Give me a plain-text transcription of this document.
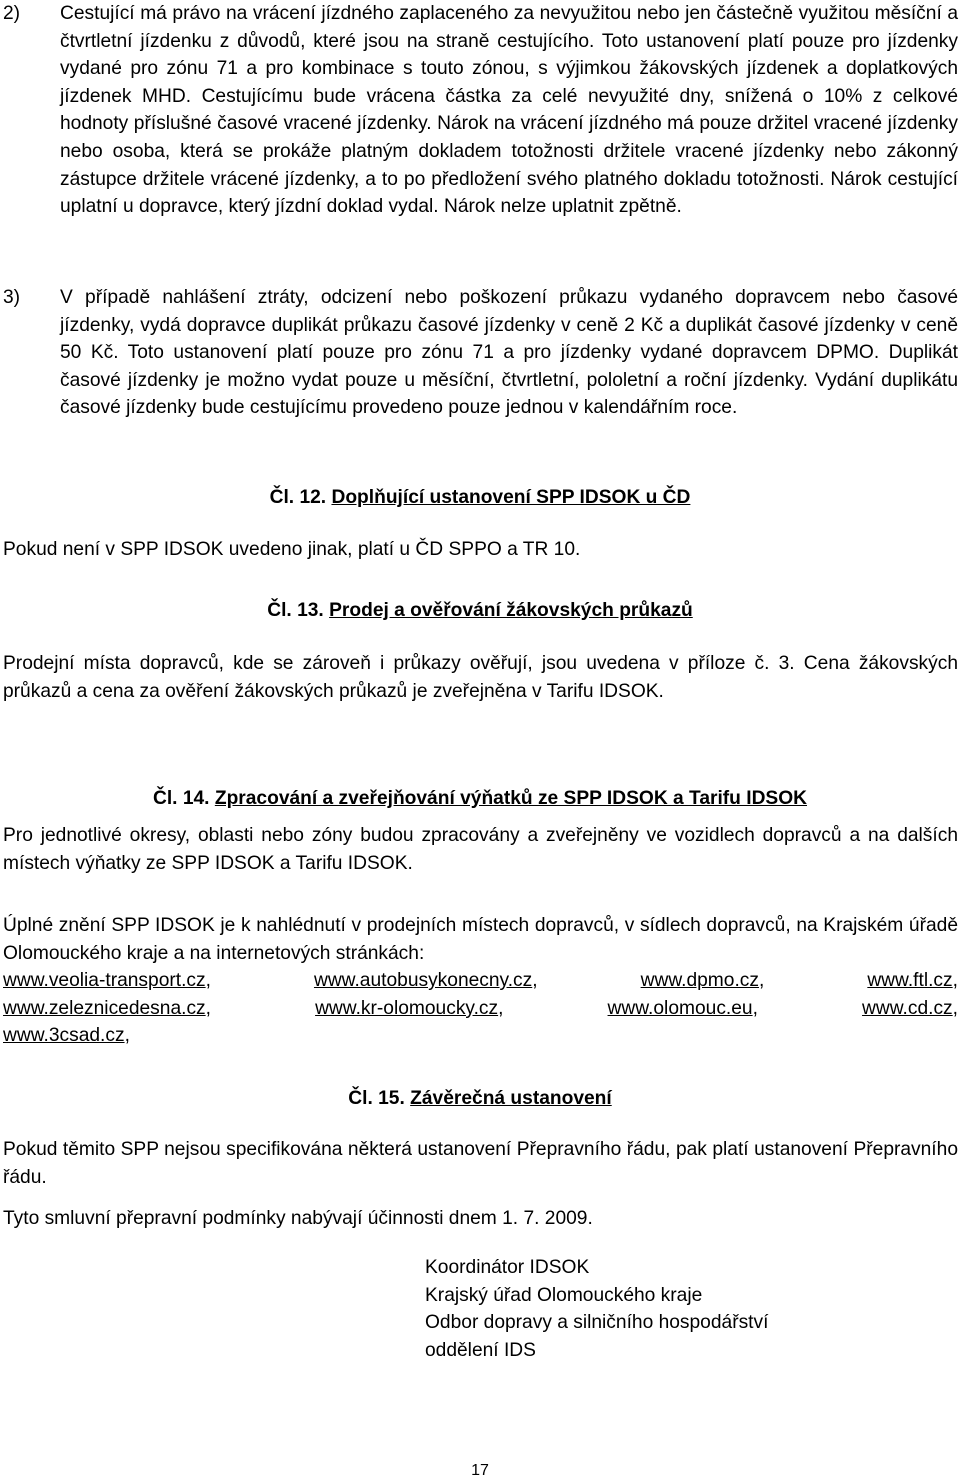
2) Cestující má právo na vrácení jízdného zaplaceného za nevyužitou nebo jen částečně využitou měsíční a čtvrtletní jízdenku z důvodů, které jsou na straně cestujícího. Toto ustanovení platí pouze pro jízdenky vydané pro zónu 71 a pro kombinace s touto zónou, s výjimkou žákovských jízdenek a doplatkových jízdenek MHD. Cestujícímu bude vrácena částka za celé nevyužité dny, snížená o 10% z celkové hodnoty příslušné časové vracené jízdenky. Nárok na vrácení jízdného má pouze držitel vracené jízdenky nebo osoba, která se prokáže platným dokladem totožnosti držitele vracené jízdenky nebo zákonný zástupce držitele vrácené jízdenky, a to po předložení svého platného dokladu totožnosti. Nárok cestující uplatní u dopravce, který jízdní doklad vydal. Nárok nelze uplatnit zpětně.
3) V případě nahlášení ztráty, odcizení nebo poškození průkazu vydaného dopravcem nebo časové jízdenky, vydá dopravce duplikát průkazu časové jízdenky v ceně 2 Kč a duplikát časové jízdenky v ceně 50 Kč. Toto ustanovení platí pouze pro zónu 71 a pro jízdenky vydané dopravcem DPMO. Duplikát časové jízdenky je možno vydat pouze u měsíční, čtvrtletní, pololetní a roční jízdenky. Vydání duplikátu časové jízdenky bude cestujícímu provedeno pouze jednou v kalendářním roce.
Čl. 12. Doplňující ustanovení SPP IDSOK u ČD
Pokud není v SPP IDSOK uvedeno jinak, platí u ČD SPPO a TR 10.
Čl. 13. Prodej a ověřování žákovských průkazů
Prodejní místa dopravců, kde se zároveň i průkazy ověřují, jsou uvedena v příloze č. 3. Cena žákovských průkazů a cena za ověření žákovských průkazů je zveřejněna v Tarifu IDSOK.
Čl. 14. Zpracování a zveřejňování výňatků ze SPP IDSOK a Tarifu IDSOK
Pro jednotlivé okresy, oblasti nebo zóny budou zpracovány a zveřejněny ve vozidlech dopravců a na dalších místech výňatky ze SPP IDSOK a Tarifu IDSOK.
Úplné znění SPP IDSOK je k nahlédnutí v prodejních místech dopravců, v sídlech dopravců, na Krajském úřadě Olomouckého kraje a na internetových stránkách:
www.veolia-transport.cz,	www.autobusykonecny.cz,	www.dpmo.cz,	www.ftl.cz,
www.zeleznicedesna.cz,	www.kr-olomoucky.cz,	www.olomouc.eu,	www.cd.cz,
www.3csad.cz,
Čl. 15. Závěrečná ustanovení
Pokud těmito SPP nejsou specifikována některá ustanovení Přepravního řádu, pak platí ustanovení Přepravního řádu.
Tyto smluvní přepravní podmínky nabývají účinnosti dnem 1. 7. 2009.
Koordinátor IDSOK
Krajský úřad Olomouckého kraje
Odbor dopravy a silničního hospodářství
oddělení IDS
17
